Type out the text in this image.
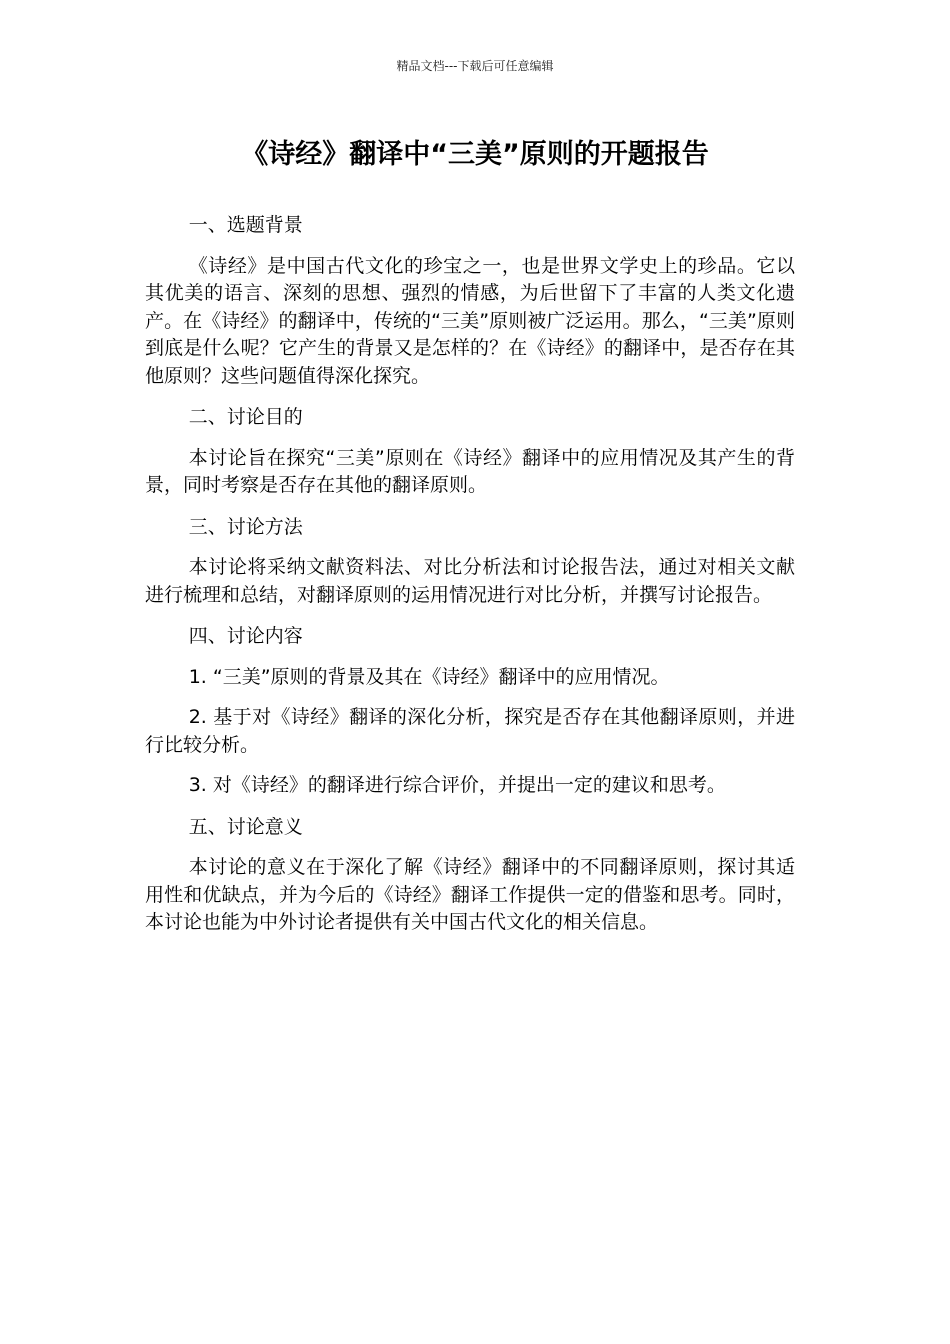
精品文档---下载后可任意编辑
《诗经》翻译中“三美”原则的开题报告

一、选题背景

《诗经》是中国古代文化的珍宝之一，也是世界文学史上的珍品。它以其优美的语言、深刻的思想、强烈的情感，为后世留下了丰富的人类文化遗产。在《诗经》的翻译中，传统的“三美”原则被广泛运用。那么，“三美”原则到底是什么呢？它产生的背景又是怎样的？在《诗经》的翻译中，是否存在其他原则？这些问题值得深化探究。

二、讨论目的

本讨论旨在探究“三美”原则在《诗经》翻译中的应用情况及其产生的背景，同时考察是否存在其他的翻译原则。

三、讨论方法

本讨论将采纳文献资料法、对比分析法和讨论报告法，通过对相关文献进行梳理和总结，对翻译原则的运用情况进行对比分析，并撰写讨论报告。

四、讨论内容

1. “三美”原则的背景及其在《诗经》翻译中的应用情况。

2. 基于对《诗经》翻译的深化分析，探究是否存在其他翻译原则，并进行比较分析。

3. 对《诗经》的翻译进行综合评价，并提出一定的建议和思考。

五、讨论意义

本讨论的意义在于深化了解《诗经》翻译中的不同翻译原则，探讨其适用性和优缺点，并为今后的《诗经》翻译工作提供一定的借鉴和思考。同时，本讨论也能为中外讨论者提供有关中国古代文化的相关信息。
